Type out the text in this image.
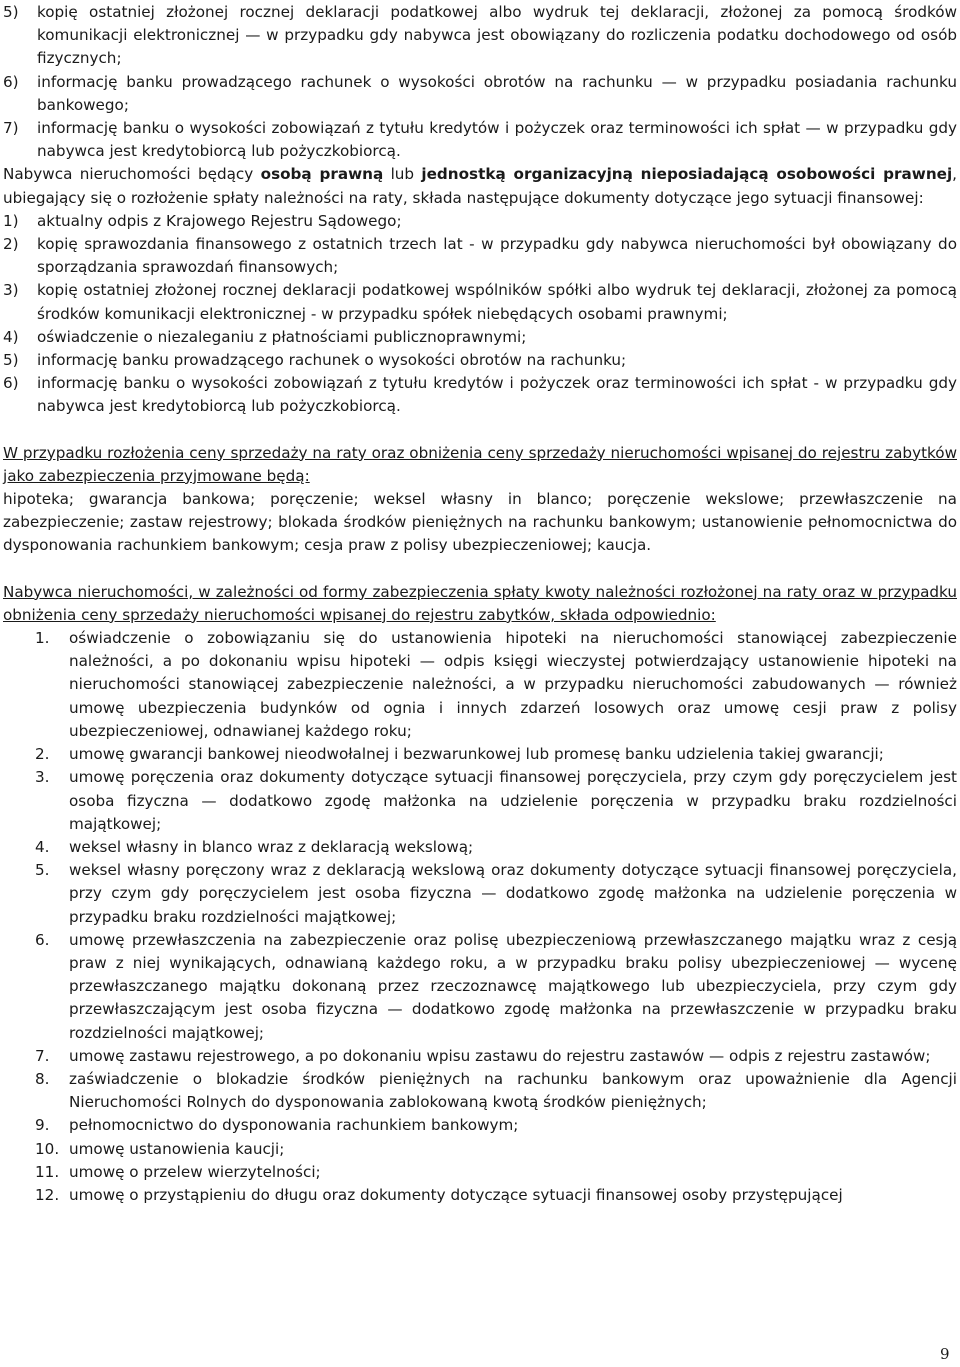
5)	kopię ostatniej złożonej rocznej deklaracji podatkowej albo wydruk tej deklaracji, złożonej za pomocą środków komunikacji elektronicznej — w przypadku gdy nabywca jest obowiązany do rozliczenia podatku dochodowego od osób fizycznych;
6)	informację banku prowadzącego rachunek o wysokości obrotów na rachunku — w przypadku posiadania rachunku bankowego;
7)	informację banku o wysokości zobowiązań z tytułu kredytów i pożyczek oraz terminowości ich spłat — w przypadku gdy nabywca jest kredytobiorcą lub pożyczkobiorcą.

Nabywca nieruchomości będący osobą prawną lub jednostką organizacyjną nieposiadającą osobowości prawnej, ubiegający się o rozłożenie spłaty należności na raty, składa następujące dokumenty dotyczące jego sytuacji finansowej:

1)	aktualny odpis z Krajowego Rejestru Sądowego;
2)	kopię sprawozdania finansowego z ostatnich trzech lat - w przypadku gdy nabywca nieruchomości był obowiązany do sporządzania sprawozdań finansowych;
3)	kopię ostatniej złożonej rocznej deklaracji podatkowej wspólników spółki albo wydruk tej deklaracji, złożonej za pomocą środków komunikacji elektronicznej - w przypadku spółek niebędących osobami prawnymi;
4)	oświadczenie o niezaleganiu z płatnościami publicznoprawnymi;
5)	informację banku prowadzącego rachunek o wysokości obrotów na rachunku;
6)	informację banku o wysokości zobowiązań z tytułu kredytów i pożyczek oraz terminowości ich spłat - w przypadku gdy nabywca jest kredytobiorcą lub pożyczkobiorcą.

W przypadku rozłożenia ceny sprzedaży na raty oraz obniżenia ceny sprzedaży nieruchomości wpisanej do rejestru zabytków jako zabezpieczenia przyjmowane będą:

hipoteka; gwarancja bankowa; poręczenie; weksel własny in blanco; poręczenie wekslowe; przewłaszczenie na zabezpieczenie; zastaw rejestrowy; blokada środków pieniężnych na rachunku bankowym; ustanowienie pełnomocnictwa do dysponowania rachunkiem bankowym; cesja praw z polisy ubezpieczeniowej; kaucja.

Nabywca nieruchomości, w zależności od formy zabezpieczenia spłaty kwoty należności rozłożonej na raty oraz w przypadku obniżenia ceny sprzedaży nieruchomości wpisanej do rejestru zabytków, składa odpowiednio:

1.	oświadczenie o zobowiązaniu się do ustanowienia hipoteki na nieruchomości stanowiącej zabezpieczenie należności, a po dokonaniu wpisu hipoteki — odpis księgi wieczystej potwierdzający ustanowienie hipoteki na nieruchomości stanowiącej zabezpieczenie należności, a w przypadku nieruchomości zabudowanych — również umowę ubezpieczenia budynków od ognia i innych zdarzeń losowych oraz umowę cesji praw z polisy ubezpieczeniowej, odnawianej każdego roku;
2.	umowę gwarancji bankowej nieodwołalnej i bezwarunkowej lub promesę banku udzielenia takiej gwarancji;
3.	umowę poręczenia oraz dokumenty dotyczące sytuacji finansowej poręczyciela, przy czym gdy poręczycielem jest osoba fizyczna — dodatkowo zgodę małżonka na udzielenie poręczenia w przypadku braku rozdzielności majątkowej;
4.	weksel własny in blanco wraz z deklaracją wekslową;
5.	weksel własny poręczony wraz z deklaracją wekslową oraz dokumenty dotyczące sytuacji finansowej poręczyciela, przy czym gdy poręczycielem jest osoba fizyczna — dodatkowo zgodę małżonka na udzielenie poręczenia w przypadku braku rozdzielności majątkowej;
6.	umowę przewłaszczenia na zabezpieczenie oraz polisę ubezpieczeniową przewłaszczanego majątku wraz z cesją praw z niej wynikających, odnawianą każdego roku, a w przypadku braku polisy ubezpieczeniowej — wycenę przewłaszczanego majątku dokonaną przez rzeczoznawcę majątkowego lub ubezpieczyciela, przy czym gdy przewłaszczającym jest osoba fizyczna — dodatkowo zgodę małżonka na przewłaszczenie w przypadku braku rozdzielności majątkowej;
7.	umowę zastawu rejestrowego, a po dokonaniu wpisu zastawu do rejestru zastawów — odpis z rejestru zastawów;
8.	zaświadczenie o blokadzie środków pieniężnych na rachunku bankowym oraz upoważnienie dla Agencji Nieruchomości Rolnych do dysponowania zablokowaną kwotą środków pieniężnych;
9.	pełnomocnictwo do dysponowania rachunkiem bankowym;
10. umowę ustanowienia kaucji;
11. umowę o przelew wierzytelności;
12. umowę o przystąpieniu do długu oraz dokumenty dotyczące sytuacji finansowej osoby przystępującej
9
